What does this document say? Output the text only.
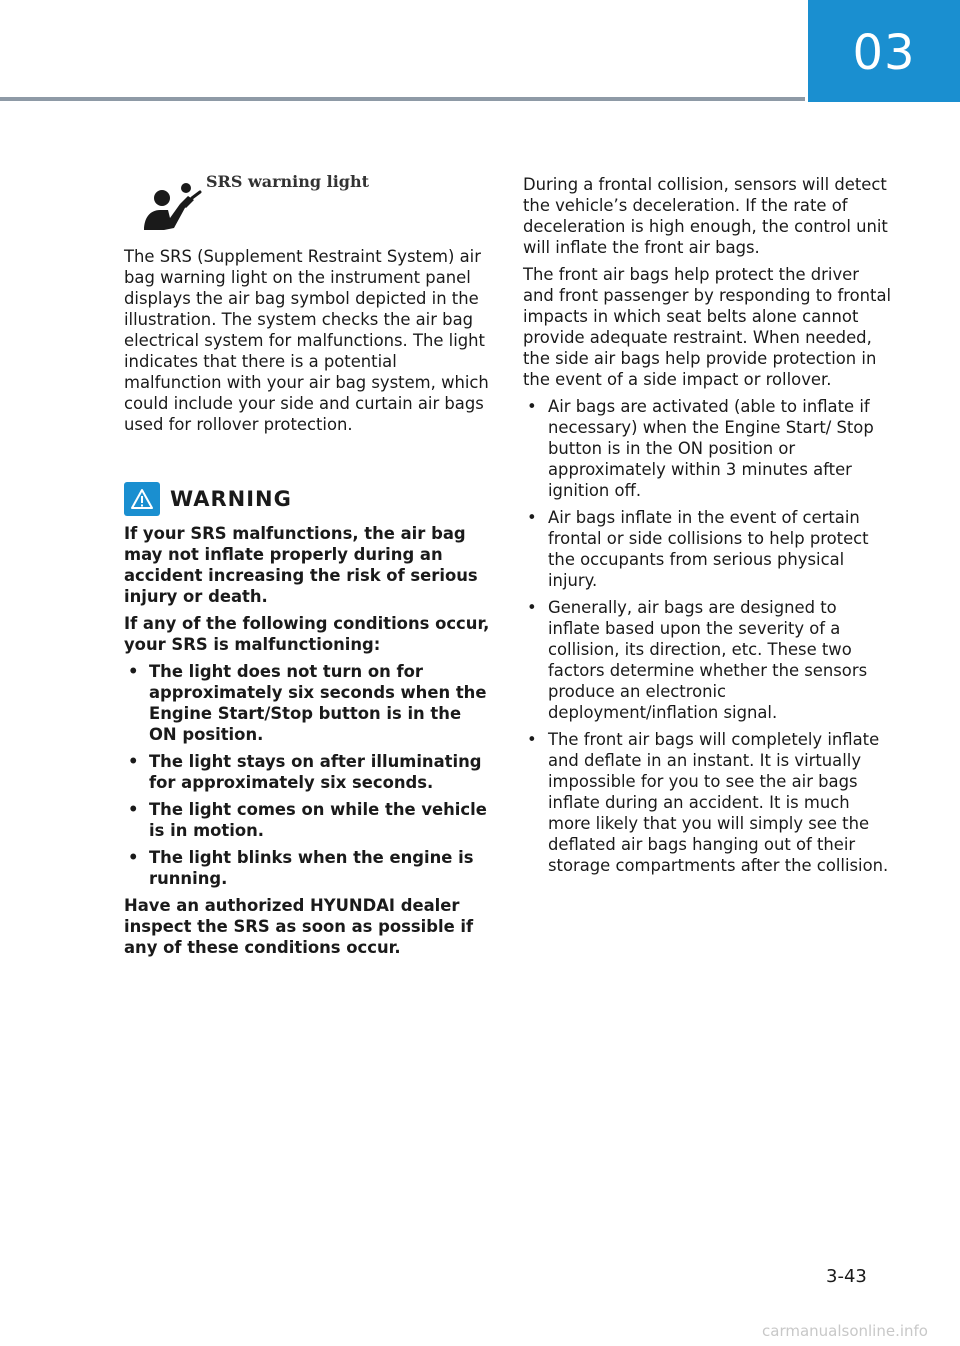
03
SRS warning light

The SRS (Supplement Restraint System) air bag warning light on the instrument panel displays the air bag symbol depicted in the illustration. The system checks the air bag electrical system for malfunctions. The light indicates that there is a potential malfunction with your air bag system, which could include your side and curtain air bags used for rollover protection.

WARNING

If your SRS malfunctions, the air bag may not inflate properly during an accident increasing the risk of serious injury or death.

If any of the following conditions occur, your SRS is malfunctioning:

• The light does not turn on for approximately six seconds when the Engine Start/Stop button is in the ON position.
• The light stays on after illuminating for approximately six seconds.
• The light comes on while the vehicle is in motion.
• The light blinks when the engine is running.

Have an authorized HYUNDAI dealer inspect the SRS as soon as possible if any of these conditions occur.

During a frontal collision, sensors will detect the vehicle’s deceleration. If the rate of deceleration is high enough, the control unit will inflate the front air bags.

The front air bags help protect the driver and front passenger by responding to frontal impacts in which seat belts alone cannot provide adequate restraint. When needed, the side air bags help provide protection in the event of a side impact or rollover.

• Air bags are activated (able to inflate if necessary) when the Engine Start/ Stop button is in the ON position or approximately within 3 minutes after ignition off.
• Air bags inflate in the event of certain frontal or side collisions to help protect the occupants from serious physical injury.
• Generally, air bags are designed to inflate based upon the severity of a collision, its direction, etc. These two factors determine whether the sensors produce an electronic deployment/inflation signal.
• The front air bags will completely inflate and deflate in an instant. It is virtually impossible for you to see the air bags inflate during an accident. It is much more likely that you will simply see the deflated air bags hanging out of their storage compartments after the collision.
3-43
carmanualsonline.info
